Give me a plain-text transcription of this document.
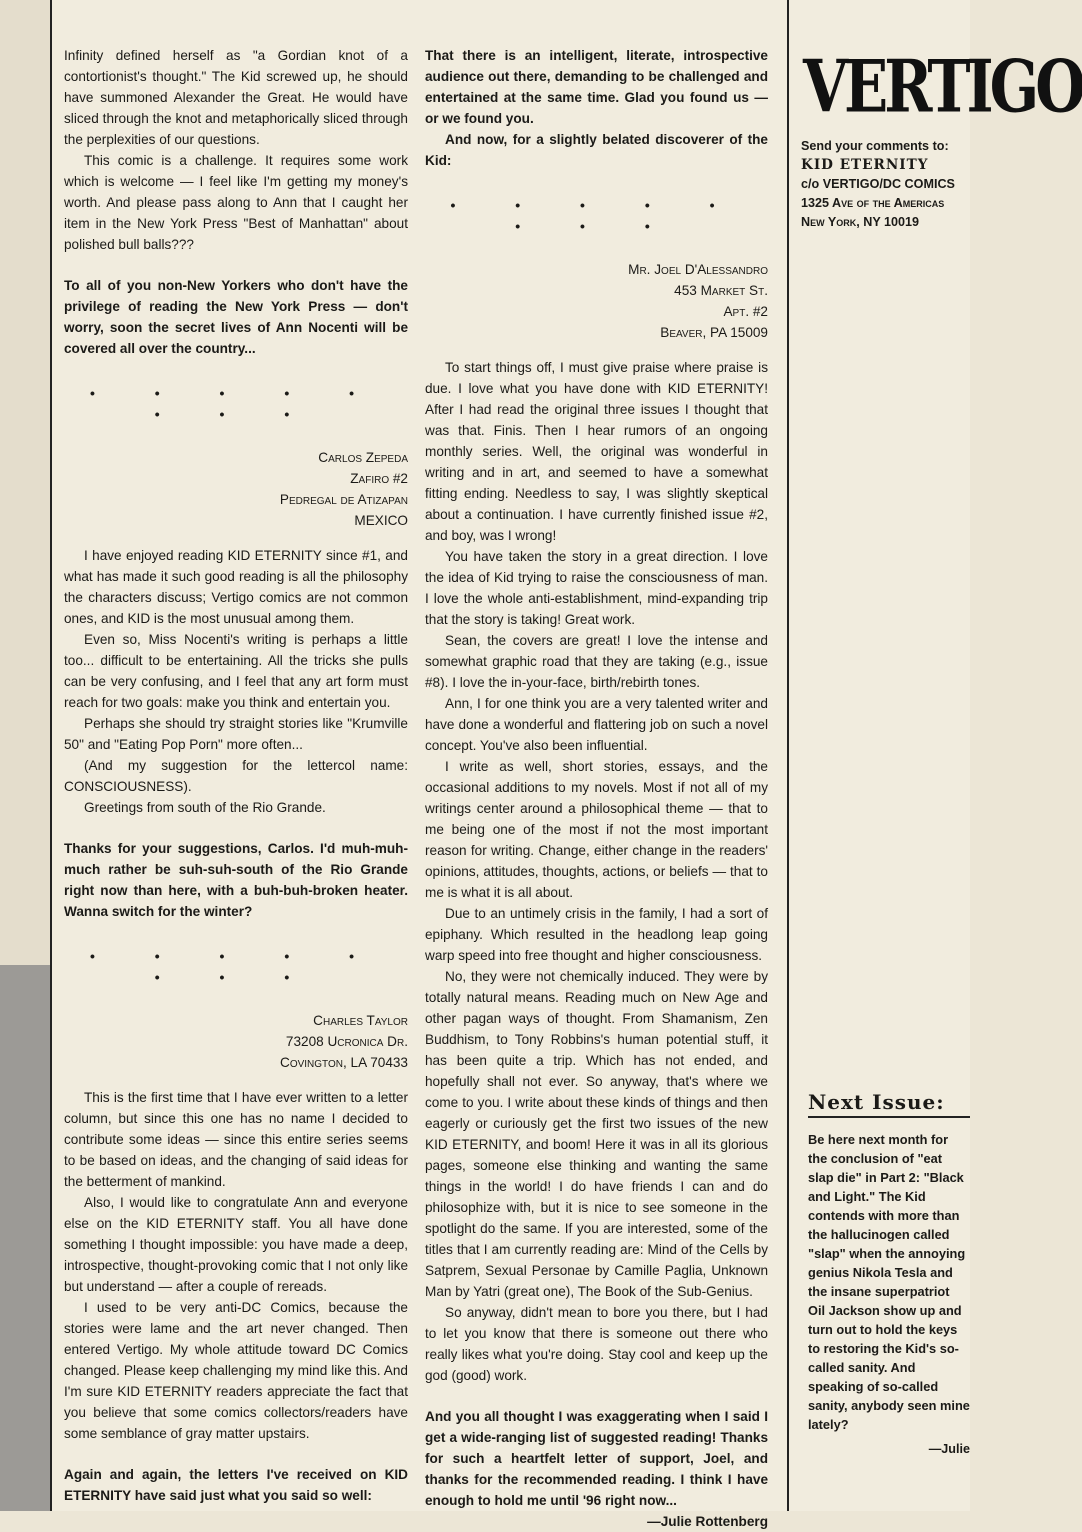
Infinity defined herself as "a Gordian knot of a contortionist's thought." The Kid screwed up, he should have summoned Alexander the Great. He would have sliced through the knot and metaphorically sliced through the perplexities of our questions.

This comic is a challenge. It requires some work which is welcome — I feel like I'm getting my money's worth. And please pass along to Ann that I caught her item in the New York Press "Best of Manhattan" about polished bull balls???

To all of you non-New Yorkers who don't have the privilege of reading the New York Press — don't worry, soon the secret lives of Ann Nocenti will be covered all over the country...

• • • • • • • •
Carlos Zepeda
Zafiro #2
Pedregal de Atizapan
MEXICO

I have enjoyed reading KID ETERNITY since #1, and what has made it such good reading is all the philosophy the characters discuss; Vertigo comics are not common ones, and KID is the most unusual among them.

Even so, Miss Nocenti's writing is perhaps a little too... difficult to be entertaining. All the tricks she pulls can be very confusing, and I feel that any art form must reach for two goals: make you think and entertain you.

Perhaps she should try straight stories like "Krumville 50" and "Eating Pop Porn" more often...

(And my suggestion for the lettercol name: CONSCIOUSNESS).

Greetings from south of the Rio Grande.

Thanks for your suggestions, Carlos. I'd muh-muh-much rather be suh-suh-south of the Rio Grande right now than here, with a buh-buh-broken heater. Wanna switch for the winter?

• • • • • • • •
Charles Taylor
73208 Ucronica Dr.
Covington, LA 70433

This is the first time that I have ever written to a letter column, but since this one has no name I decided to contribute some ideas — since this entire series seems to be based on ideas, and the changing of said ideas for the betterment of mankind.

Also, I would like to congratulate Ann and everyone else on the KID ETERNITY staff. You all have done something I thought impossible: you have made a deep, introspective, thought-provoking comic that I not only like but understand — after a couple of rereads.

I used to be very anti-DC Comics, because the stories were lame and the art never changed. Then entered Vertigo. My whole attitude toward DC Comics changed. Please keep challenging my mind like this. And I'm sure KID ETERNITY readers appreciate the fact that you believe that some comics collectors/readers have some semblance of gray matter upstairs.

Again and again, the letters I've received on KID ETERNITY have said just what you said so well:

That there is an intelligent, literate, introspective audience out there, demanding to be challenged and entertained at the same time. Glad you found us — or we found you.

And now, for a slightly belated discoverer of the Kid:

• • • • • • • •
Mr. Joel D'Alessandro
453 Market St.
Apt. #2
Beaver, PA 15009

To start things off, I must give praise where praise is due. I love what you have done with KID ETERNITY! After I had read the original three issues I thought that was that. Finis. Then I hear rumors of an ongoing monthly series. Well, the original was wonderful in writing and in art, and seemed to have a somewhat fitting ending. Needless to say, I was slightly skeptical about a continuation. I have currently finished issue #2, and boy, was I wrong!

You have taken the story in a great direction. I love the idea of Kid trying to raise the consciousness of man. I love the whole anti-establishment, mind-expanding trip that the story is taking! Great work.

Sean, the covers are great! I love the intense and somewhat graphic road that they are taking (e.g., issue #8). I love the in-your-face, birth/rebirth tones.

Ann, I for one think you are a very talented writer and have done a wonderful and flattering job on such a novel concept. You've also been influential.

I write as well, short stories, essays, and the occasional additions to my novels. Most if not all of my writings center around a philosophical theme — that to me being one of the most if not the most important reason for writing. Change, either change in the readers' opinions, attitudes, thoughts, actions, or beliefs — that to me is what it is all about.

Due to an untimely crisis in the family, I had a sort of epiphany. Which resulted in the headlong leap going warp speed into free thought and higher consciousness.

No, they were not chemically induced. They were by totally natural means. Reading much on New Age and other pagan ways of thought. From Shamanism, Zen Buddhism, to Tony Robbins's human potential stuff, it has been quite a trip. Which has not ended, and hopefully shall not ever. So anyway, that's where we come to you. I write about these kinds of things and then eagerly or curiously get the first two issues of the new KID ETERNITY, and boom! Here it was in all its glorious pages, someone else thinking and wanting the same things in the world! I do have friends I can and do philosophize with, but it is nice to see someone in the spotlight do the same. If you are interested, some of the titles that I am currently reading are: Mind of the Cells by Satprem, Sexual Personae by Camille Paglia, Unknown Man by Yatri (great one), The Book of the Sub-Genius.

So anyway, didn't mean to bore you there, but I had to let you know that there is someone out there who really likes what you're doing. Stay cool and keep up the god (good) work.

And you all thought I was exaggerating when I said I get a wide-ranging list of suggested reading! Thanks for such a heartfelt letter of support, Joel, and thanks for the recommended reading. I think I have enough to hold me until '96 right now...

—Julie Rottenberg
VERTIGO
Send your comments to:
KID ETERNITY
c/o VERTIGO/DC COMICS
1325 Ave of the Americas
New York, NY 10019
Next Issue:
Be here next month for the conclusion of "eat slap die" in Part 2: "Black and Light." The Kid contends with more than the hallucinogen called "slap" when the annoying genius Nikola Tesla and the insane superpatriot Oil Jackson show up and turn out to hold the keys to restoring the Kid's so-called sanity. And speaking of so-called sanity, anybody seen mine lately?
—Julie
